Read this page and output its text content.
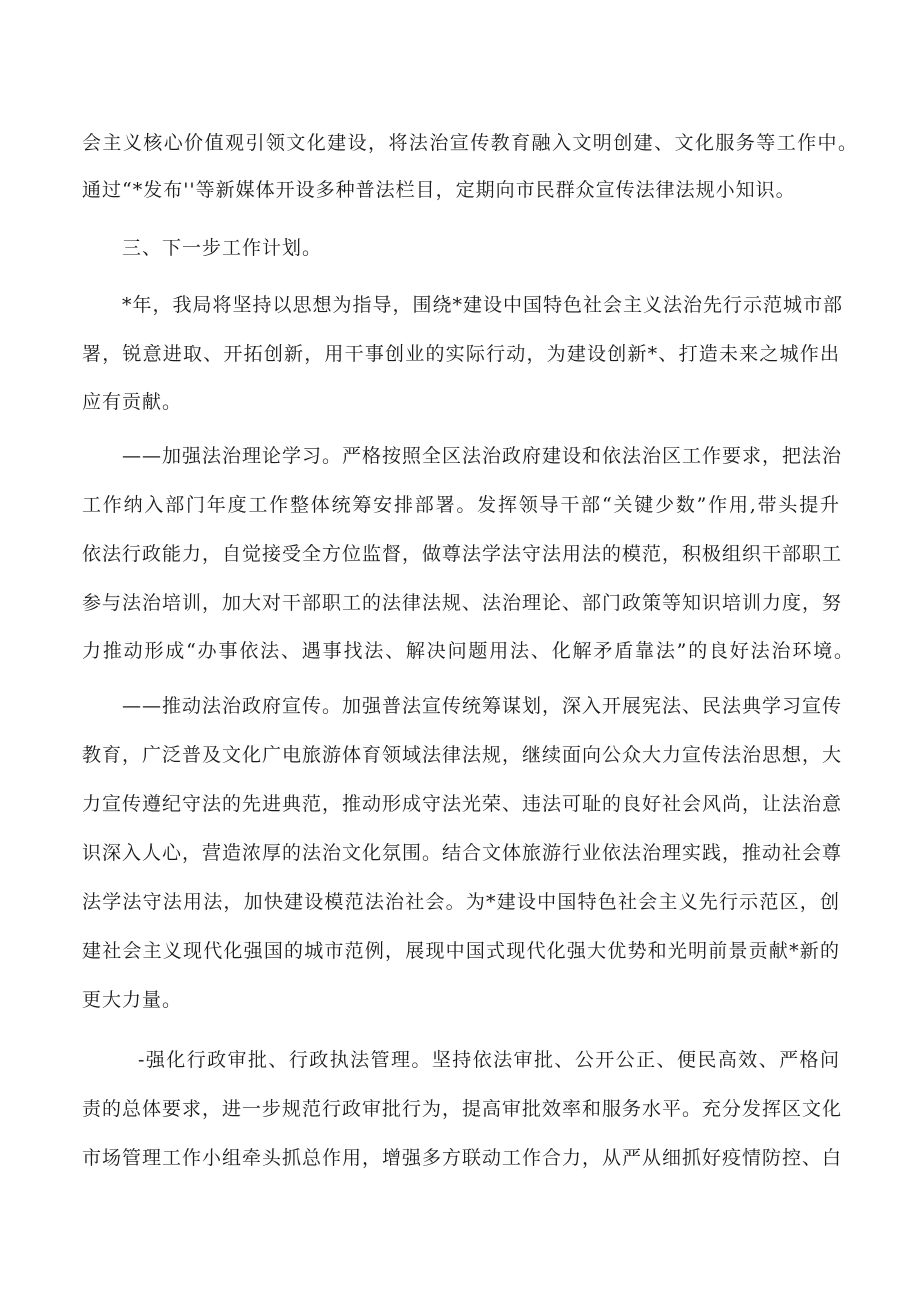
会主义核心价值观引领文化建设，将法治宣传教育融入文明创建、文化服务等工作中。
通过“*发布''等新媒体开设多种普法栏目，定期向市民群众宣传法律法规小知识。
三、下一步工作计划。
*年，我局将坚持以思想为指导，围绕*建设中国特色社会主义法治先行示范城市部
署，锐意进取、开拓创新，用干事创业的实际行动，为建设创新*、打造未来之城作出
应有贡献。
——加强法治理论学习。严格按照全区法治政府建设和依法治区工作要求，把法治
工作纳入部门年度工作整体统筹安排部署。发挥领导干部“关键少数”作用,带头提升
依法行政能力，自觉接受全方位监督，做尊法学法守法用法的模范，积极组织干部职工
参与法治培训，加大对干部职工的法律法规、法治理论、部门政策等知识培训力度，努
力推动形成“办事依法、遇事找法、解决问题用法、化解矛盾靠法”的良好法治环境。
——推动法治政府宣传。加强普法宣传统筹谋划，深入开展宪法、民法典学习宣传
教育，广泛普及文化广电旅游体育领域法律法规，继续面向公众大力宣传法治思想，大
力宣传遵纪守法的先进典范，推动形成守法光荣、违法可耻的良好社会风尚，让法治意
识深入人心，营造浓厚的法治文化氛围。结合文体旅游行业依法治理实践，推动社会尊
法学法守法用法，加快建设模范法治社会。为*建设中国特色社会主义先行示范区，创
建社会主义现代化强国的城市范例，展现中国式现代化强大优势和光明前景贡献*新的
更大力量。
-强化行政审批、行政执法管理。坚持依法审批、公开公正、便民高效、严格问
责的总体要求，进一步规范行政审批行为，提高审批效率和服务水平。充分发挥区文化
市场管理工作小组牵头抓总作用，增强多方联动工作合力，从严从细抓好疫情防控、白
